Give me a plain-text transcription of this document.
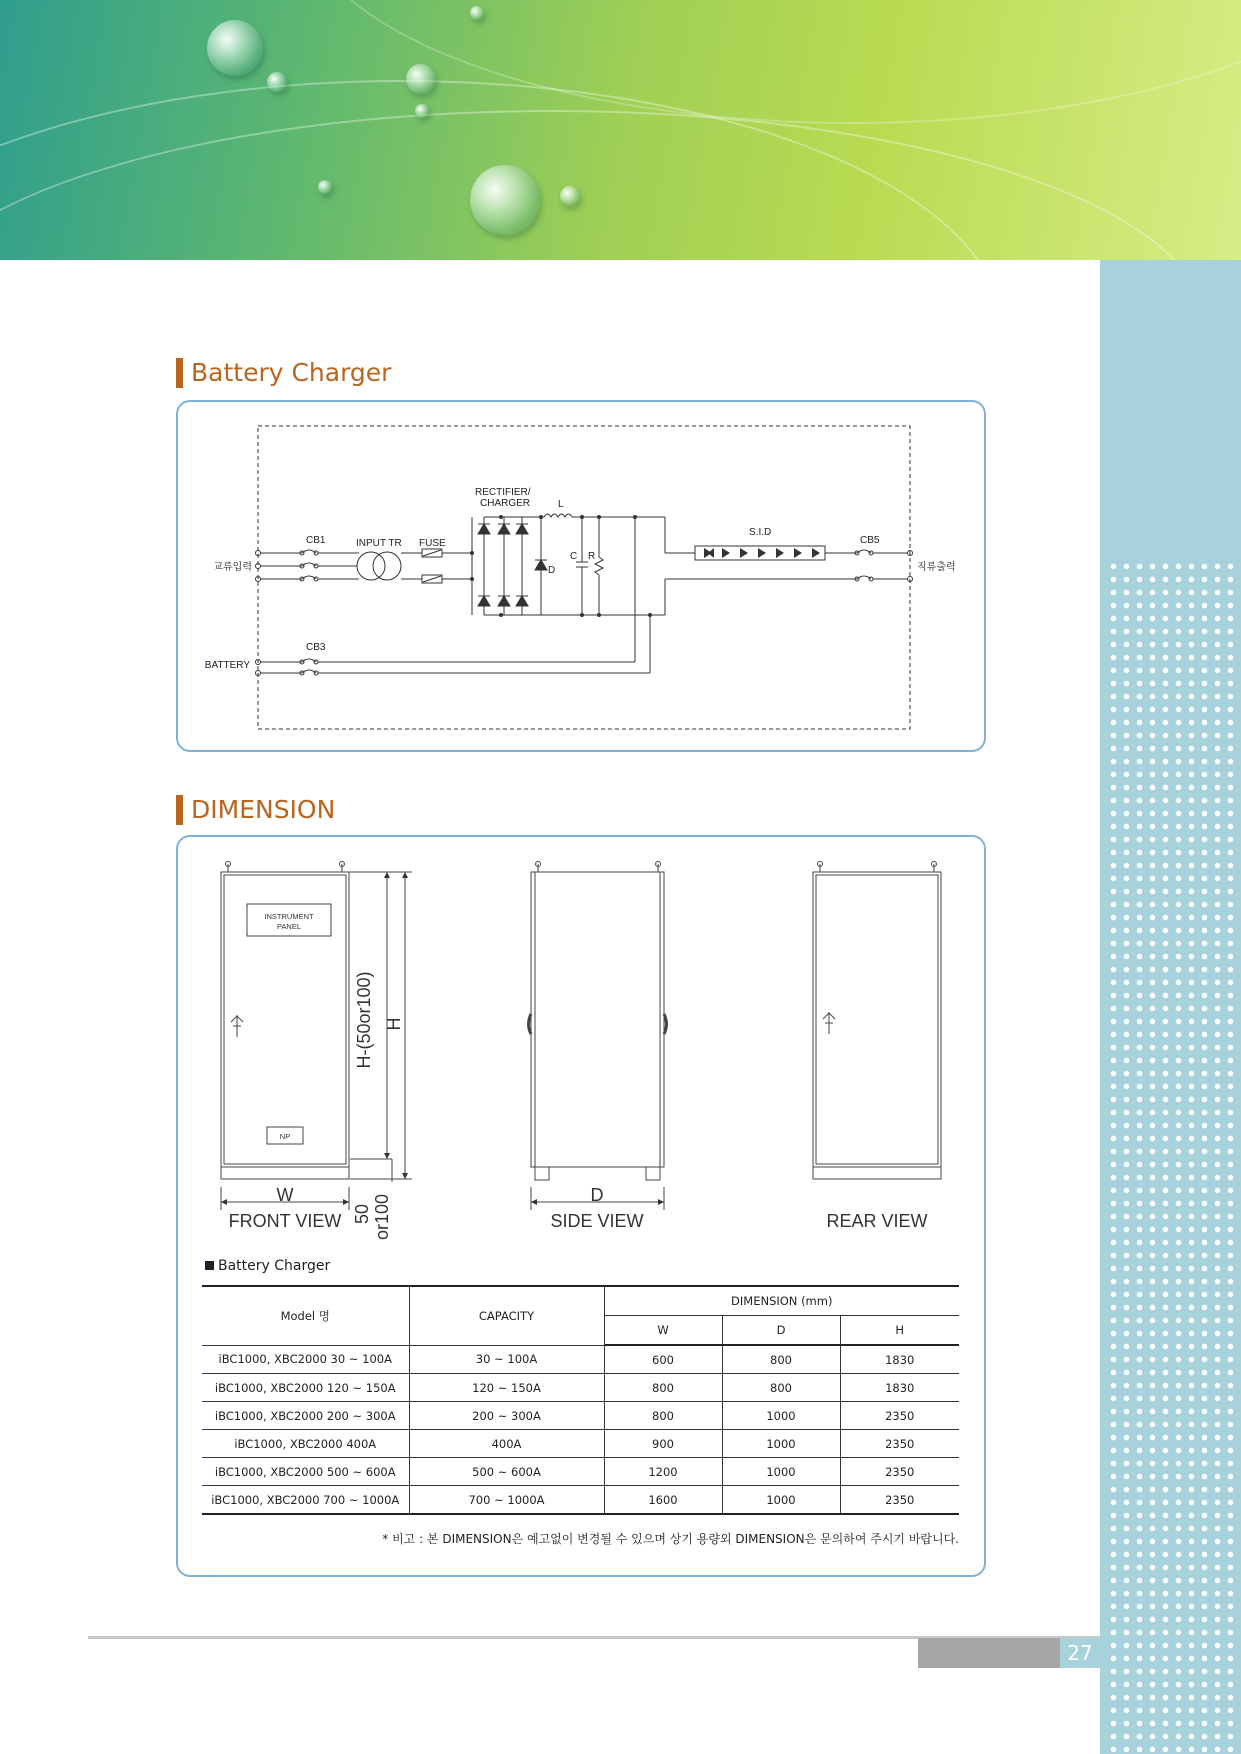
Battery Charger
교류입력	직류출력
BATTERY
CB1
CB3
CB5
INPUT TR FUSE
RECTIFIER/
CHARGER	L
D
C R
S.I.D
DIMENSION
INSTRUMENT
PANEL
NP
W	D
FRONT VIEW	SIDE VIEW	REAR VIEW
H
H-(50or100)
50 or100
Battery Charger
Model 명	CAPACITY	DIMENSION (mm)		
		W	D	H
iBC1000, XBC2000 30 ~ 100A	30 ~ 100A	600	800	1830
iBC1000, XBC2000 120 ~ 150A	120 ~ 150A	800	800	1830
iBC1000, XBC2000 200 ~ 300A	200 ~ 300A	800	1000	2350
iBC1000, XBC2000 400A	400A	900	1000	2350
iBC1000, XBC2000 500 ~ 600A	500 ~ 600A	1200	1000	2350
iBC1000, XBC2000 700 ~ 1000A	700 ~ 1000A	1600	1000	2350
* 비고 : 본 DIMENSION은 예고없이 변경될 수 있으며 상기 용량외 DIMENSION은 문의하여 주시기 바랍니다.
27
